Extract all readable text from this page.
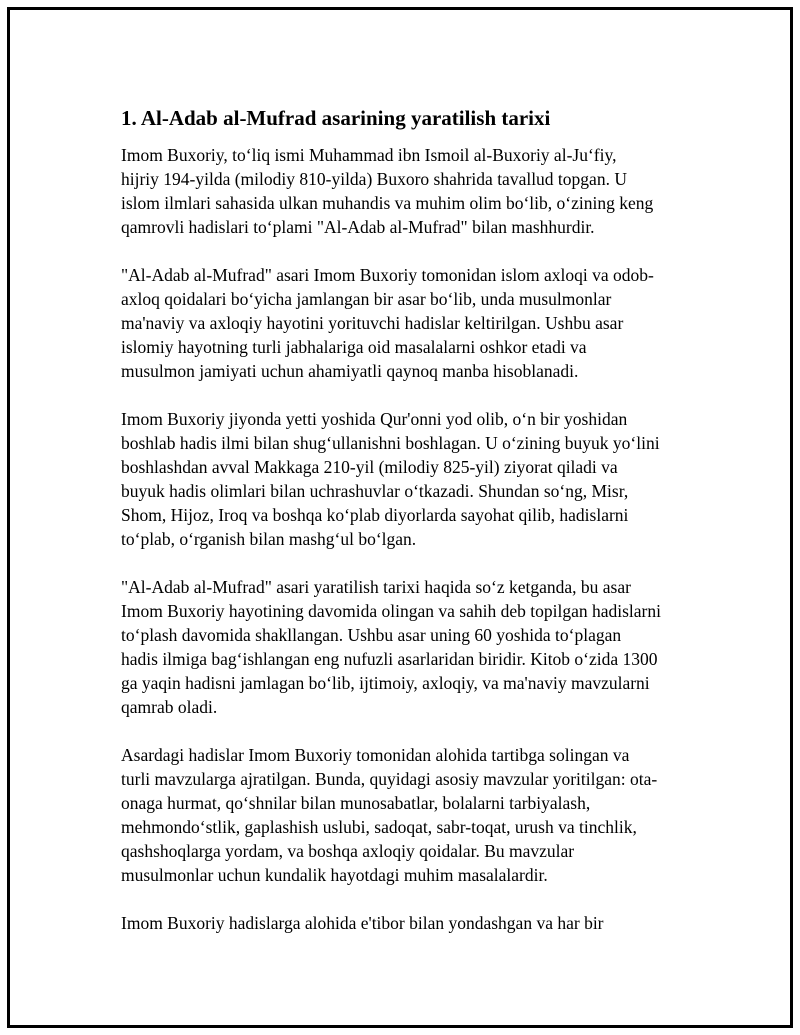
1. Al-Adab al-Mufrad asarining yaratilish tarixi

Imom Buxoriy, to‘liq ismi Muhammad ibn Ismoil al-Buxoriy al-Ju‘fiy,
hijriy 194-yilda (milodiy 810-yilda) Buxoro shahrida tavallud topgan. U
islom ilmlari sahasida ulkan muhandis va muhim olim bo‘lib, o‘zining keng
qamrovli hadislari to‘plami "Al-Adab al-Mufrad" bilan mashhurdir.

"Al-Adab al-Mufrad" asari Imom Buxoriy tomonidan islom axloqi va odob-
axloq qoidalari bo‘yicha jamlangan bir asar bo‘lib, unda musulmonlar
ma'naviy va axloqiy hayotini yorituvchi hadislar keltirilgan. Ushbu asar
islomiy hayotning turli jabhalariga oid masalalarni oshkor etadi va
musulmon jamiyati uchun ahamiyatli qaynoq manba hisoblanadi.

Imom Buxoriy jiyonda yetti yoshida Qur'onni yod olib, o‘n bir yoshidan
boshlab hadis ilmi bilan shug‘ullanishni boshlagan. U o‘zining buyuk yo‘lini
boshlashdan avval Makkaga 210-yil (milodiy 825-yil) ziyorat qiladi va
buyuk hadis olimlari bilan uchrashuvlar o‘tkazadi. Shundan so‘ng, Misr,
Shom, Hijoz, Iroq va boshqa ko‘plab diyorlarda sayohat qilib, hadislarni
to‘plab, o‘rganish bilan mashg‘ul bo‘lgan.

"Al-Adab al-Mufrad" asari yaratilish tarixi haqida so‘z ketganda, bu asar
Imom Buxoriy hayotining davomida olingan va sahih deb topilgan hadislarni
to‘plash davomida shakllangan. Ushbu asar uning 60 yoshida to‘plagan
hadis ilmiga bag‘ishlangan eng nufuzli asarlaridan biridir. Kitob o‘zida 1300
ga yaqin hadisni jamlagan bo‘lib, ijtimoiy, axloqiy, va ma'naviy mavzularni
qamrab oladi.

Asardagi hadislar Imom Buxoriy tomonidan alohida tartibga solingan va
turli mavzularga ajratilgan. Bunda, quyidagi asosiy mavzular yoritilgan: ota-
onaga hurmat, qo‘shnilar bilan munosabatlar, bolalarni tarbiyalash,
mehmondo‘stlik, gaplashish uslubi, sadoqat, sabr-toqat, urush va tinchlik,
qashshoqlarga yordam, va boshqa axloqiy qoidalar. Bu mavzular
musulmonlar uchun kundalik hayotdagi muhim masalalardir.

Imom Buxoriy hadislarga alohida e'tibor bilan yondashgan va har bir
